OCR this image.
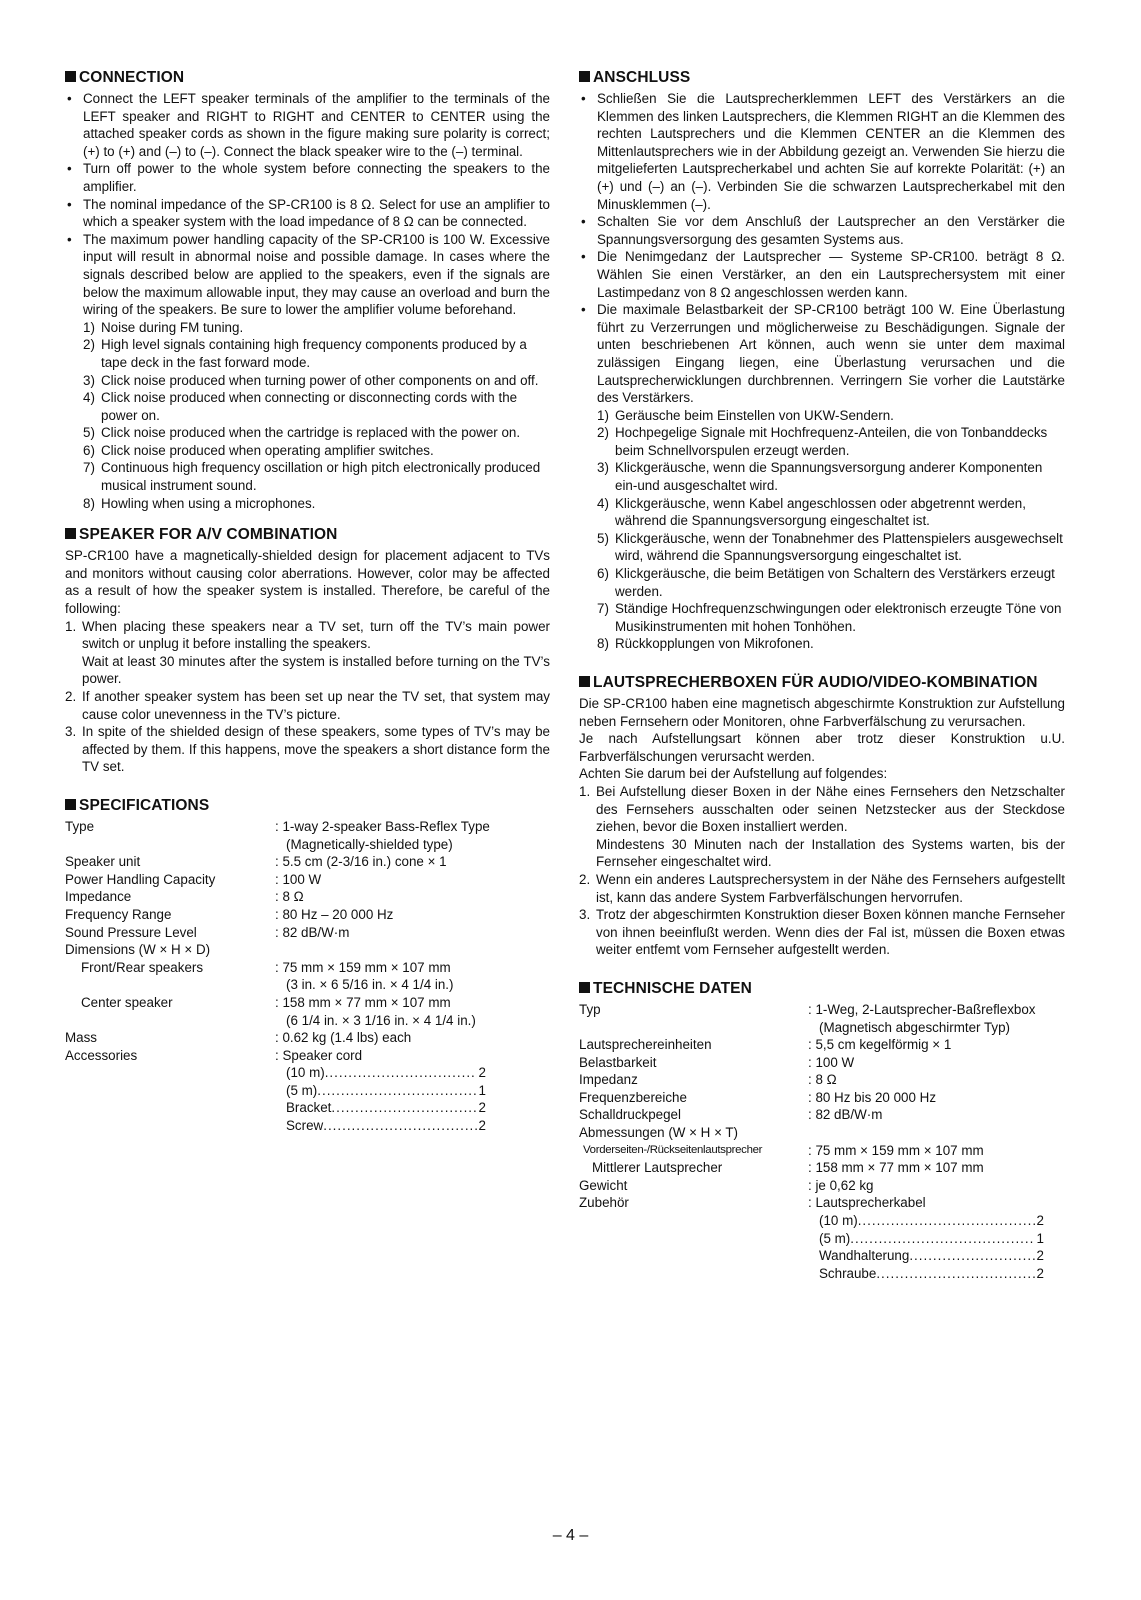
CONNECTION
• Connect the LEFT speaker terminals of the amplifier to the terminals of the LEFT speaker and RIGHT to RIGHT and CENTER to CENTER using the attached speaker cords as shown in the figure making sure polarity is correct; (+) to (+) and (–) to (–). Connect the black speaker wire to the (–) terminal.
• Turn off power to the whole system before connecting the speakers to the amplifier.
• The nominal impedance of the SP-CR100 is 8 Ω. Select for use an amplifier to which a speaker system with the load impedance of 8 Ω can be connected.
• The maximum power handling capacity of the SP-CR100 is 100 W. Excessive input will result in abnormal noise and possible damage. In cases where the signals described below are applied to the speakers, even if the signals are below the maximum allowable input, they may cause an overload and burn the wiring of the speakers. Be sure to lower the amplifier volume beforehand.
1) Noise during FM tuning.
2) High level signals containing high frequency components produced by a tape deck in the fast forward mode.
3) Click noise produced when turning power of other components on and off.
4) Click noise produced when connecting or disconnecting cords with the power on.
5) Click noise produced when the cartridge is replaced with the power on.
6) Click noise produced when operating amplifier switches.
7) Continuous high frequency oscillation or high pitch electronically produced musical instrument sound.
8) Howling when using a microphones.
SPEAKER FOR A/V COMBINATION

SP-CR100 have a magnetically-shielded design for placement adjacent to TVs and monitors without causing color aberrations. However, color may be affected as a result of how the speaker system is installed. Therefore, be careful of the following:

1. When placing these speakers near a TV set, turn off the TV’s main power switch or unplug it before installing the speakers.
Wait at least 30 minutes after the system is installed before turning on the TV’s power.
2. If another speaker system has been set up near the TV set, that system may cause color unevenness in the TV’s picture.
3. In spite of the shielded design of these speakers, some types of TV’s may be affected by them. If this happens, move the speakers a short distance form the TV set.
SPECIFICATIONS
Type	: 1-way 2-speaker Bass-Reflex Type
(Magnetically-shielded type)
Speaker unit	: 5.5 cm (2-3/16 in.) cone × 1
Power Handling Capacity	: 100 W
Impedance	: 8 Ω
Frequency Range	: 80 Hz – 20 000 Hz
Sound Pressure Level	: 82 dB/W·m
Dimensions (W × H × D)
Front/Rear speakers	: 75 mm × 159 mm × 107 mm
(3 in. × 6 5/16 in. × 4 1/4 in.)
Center speaker	: 158 mm × 77 mm × 107 mm
(6 1/4 in. × 3 1/16 in. × 4 1/4 in.)
Mass	: 0.62 kg (1.4 lbs) each
Accessories	: Speaker cord
(10 m) .....	2
(5 m) .....	1
Bracket .....	2
Screw .....	2
ANSCHLUSS
• Schließen Sie die Lautsprecherklemmen LEFT des Verstärkers an die Klemmen des linken Lautsprechers, die Klemmen RIGHT an die Klemmen des rechten Lautsprechers und die Klemmen CENTER an die Klemmen des Mittenlautsprechers wie in der Abbildung gezeigt an. Verwenden Sie hierzu die mitgelieferten Lautsprecherkabel und achten Sie auf korrekte Polarität: (+) an (+) und (–) an (–). Verbinden Sie die schwarzen Lautsprecherkabel mit den Minusklemmen (–).
• Schalten Sie vor dem Anschluß der Lautsprecher an den Verstärker die Spannungsversorgung des gesamten Systems aus.
• Die Nenimgedanz der Lautsprecher — Systeme SP-CR100. beträgt 8 Ω. Wählen Sie einen Verstärker, an den ein Lautsprechersystem mit einer Lastimpedanz von 8 Ω angeschlossen werden kann.
• Die maximale Belastbarkeit der SP-CR100 beträgt 100 W. Eine Überlastung führt zu Verzerrungen und möglicherweise zu Beschädigungen. Signale der unten beschriebenen Art können, auch wenn sie unter dem maximal zulässigen Eingang liegen, eine Überlastung verursachen und die Lautsprecherwicklungen durchbrennen. Verringern Sie vorher die Lautstärke des Verstärkers.
1) Geräusche beim Einstellen von UKW-Sendern.
2) Hochpegelige Signale mit Hochfrequenz-Anteilen, die von Tonbanddecks beim Schnellvorspulen erzeugt werden.
3) Klickgeräusche, wenn die Spannungsversorgung anderer Komponenten ein-und ausgeschaltet wird.
4) Klickgeräusche, wenn Kabel angeschlossen oder abgetrennt werden, während die Spannungsversorgung eingeschaltet ist.
5) Klickgeräusche, wenn der Tonabnehmer des Plattenspielers ausgewechselt wird, während die Spannungsversorgung eingeschaltet ist.
6) Klickgeräusche, die beim Betätigen von Schaltern des Verstärkers erzeugt werden.
7) Ständige Hochfrequenzschwingungen oder elektronisch erzeugte Töne von Musikinstrumenten mit hohen Tonhöhen.
8) Rückkopplungen von Mikrofonen.
LAUTSPRECHERBOXEN FÜR AUDIO/VIDEO-KOMBINATION

Die SP-CR100 haben eine magnetisch abgeschirmte Konstruktion zur Aufstellung neben Fernsehern oder Monitoren, ohne Farbverfälschung zu verursachen.

Je nach Aufstellungsart können aber trotz dieser Konstruktion u.U. Farbverfälschungen verursacht werden.

Achten Sie darum bei der Aufstellung auf folgendes:

1. Bei Aufstellung dieser Boxen in der Nähe eines Fernsehers den Netzschalter des Fernsehers ausschalten oder seinen Netzstecker aus der Steckdose ziehen, bevor die Boxen installiert werden.
Mindestens 30 Minuten nach der Installation des Systems warten, bis der Fernseher eingeschaltet wird.
2. Wenn ein anderes Lautsprechersystem in der Nähe des Fernsehers aufgestellt ist, kann das andere System Farbverfälschungen hervorrufen.
3. Trotz der abgeschirmten Konstruktion dieser Boxen können manche Fernseher von ihnen beeinflußt werden. Wenn dies der Fal ist, müssen die Boxen etwas weiter entfemt vom Fernseher aufgestellt werden.
TECHNISCHE DATEN
Typ	: 1-Weg, 2-Lautsprecher-Baßreflexbox
(Magnetisch abgeschirmter Typ)
Lautsprechereinheiten	: 5,5 cm kegelförmig × 1
Belastbarkeit	: 100 W
Impedanz	: 8 Ω
Frequenzbereiche	: 80 Hz bis 20 000 Hz
Schalldruckpegel	: 82 dB/W·m
Abmessungen (W × H × T)
Vorderseiten-/Rückseitenlautsprecher	: 75 mm × 159 mm × 107 mm
Mittlerer Lautsprecher	: 158 mm × 77 mm × 107 mm
Gewicht	: je 0,62 kg
Zubehör	: Lautsprecherkabel
(10 m) .....	2
(5 m) .....	1
Wandhalterung .....	2
Schraube .....	2
– 4 –
